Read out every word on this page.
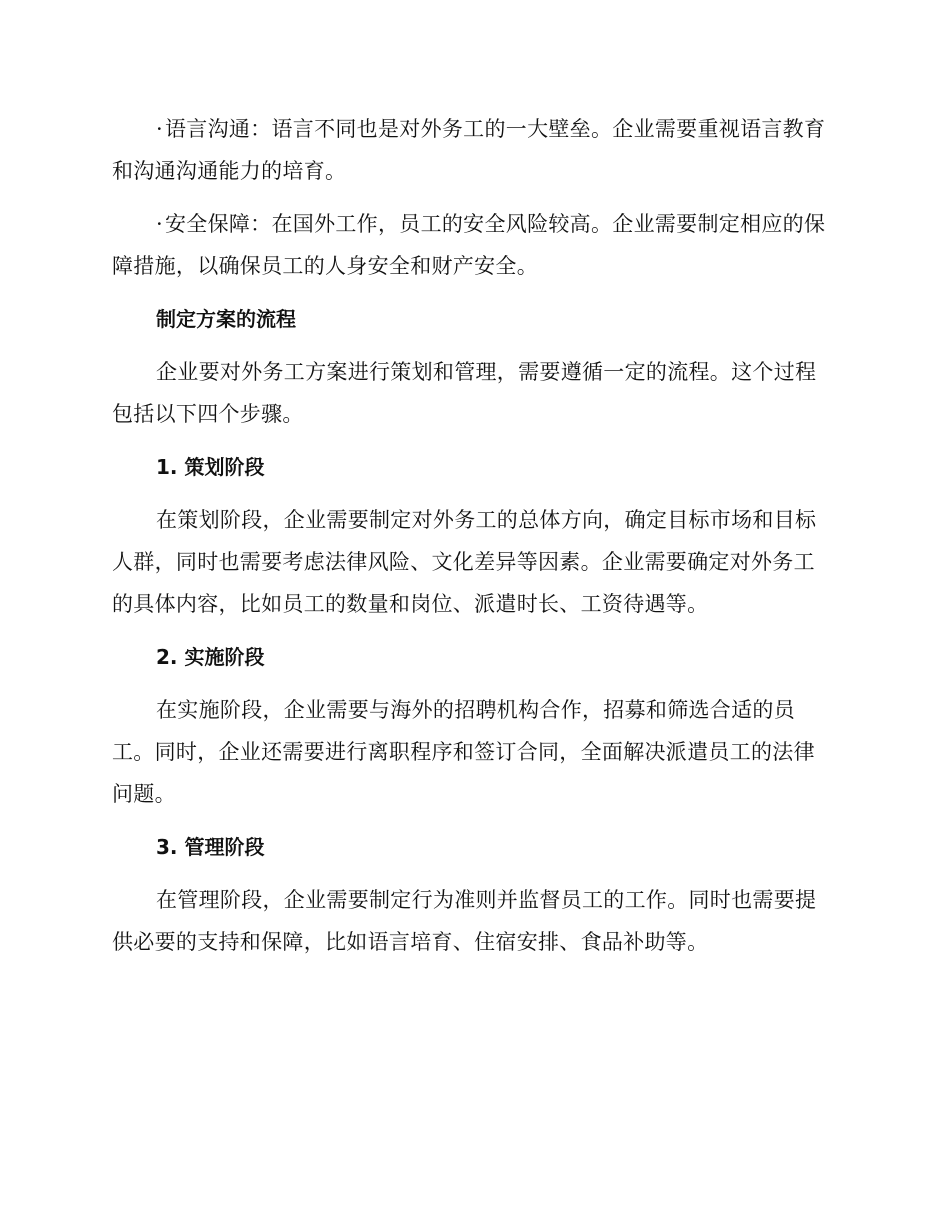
·语言沟通：语言不同也是对外务工的一大壁垒。企业需要重视语言教育和沟通沟通能力的培育。

·安全保障：在国外工作，员工的安全风险较高。企业需要制定相应的保障措施，以确保员工的人身安全和财产安全。

制定方案的流程

企业要对外务工方案进行策划和管理，需要遵循一定的流程。这个过程包括以下四个步骤。

1. 策划阶段

在策划阶段，企业需要制定对外务工的总体方向，确定目标市场和目标人群，同时也需要考虑法律风险、文化差异等因素。企业需要确定对外务工的具体内容，比如员工的数量和岗位、派遣时长、工资待遇等。

2. 实施阶段

在实施阶段，企业需要与海外的招聘机构合作，招募和筛选合适的员工。同时，企业还需要进行离职程序和签订合同，全面解决派遣员工的法律问题。

3. 管理阶段

在管理阶段，企业需要制定行为准则并监督员工的工作。同时也需要提供必要的支持和保障，比如语言培育、住宿安排、食品补助等。
